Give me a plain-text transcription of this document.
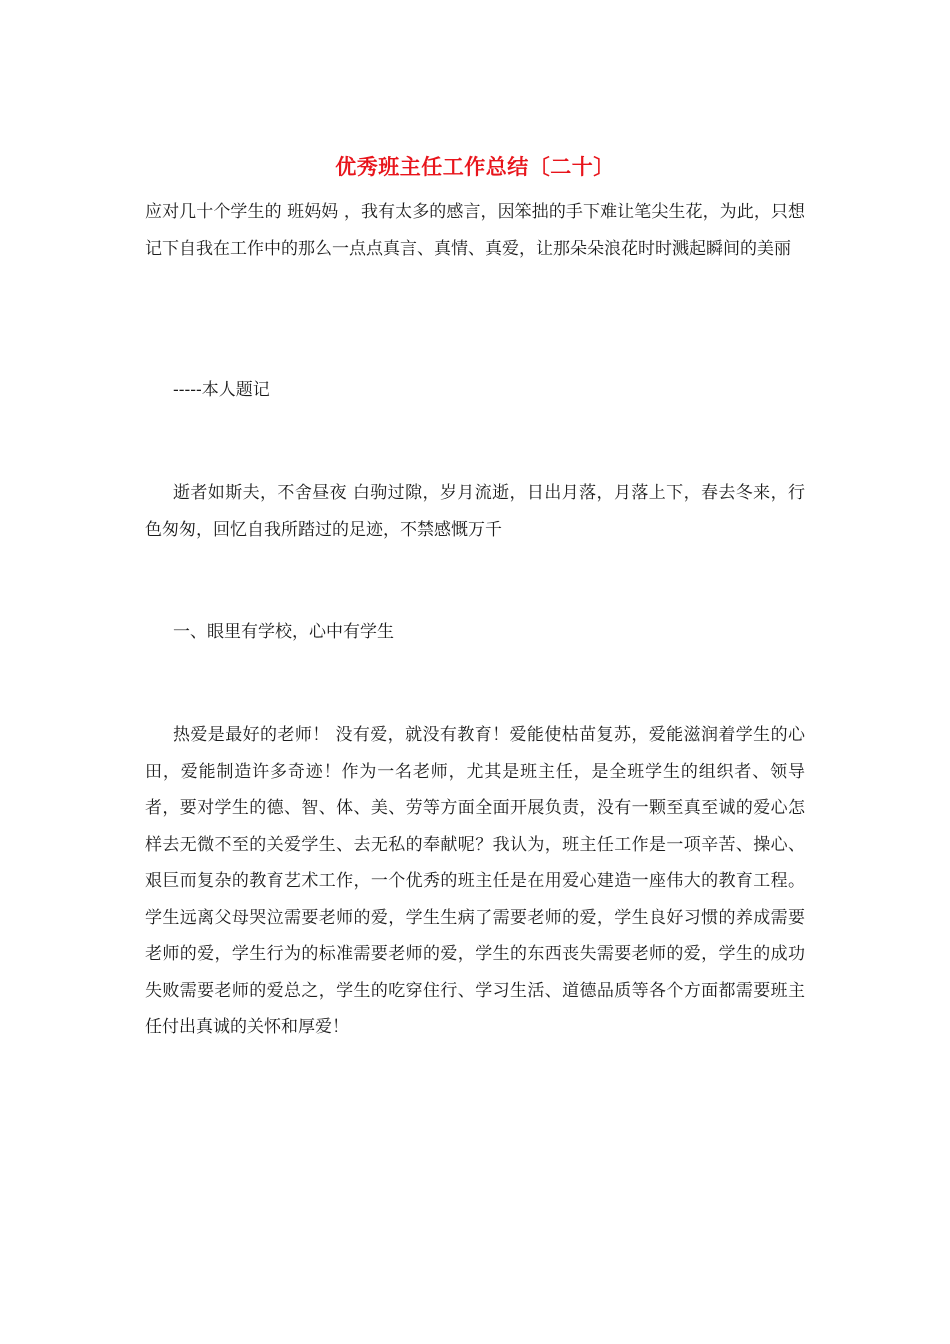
优秀班主任工作总结〔二十〕

应对几十个学生的 班妈妈 ，我有太多的感言，因笨拙的手下难让笔尖生花，为此，只想记下自我在工作中的那么一点点真言、真情、真爱，让那朵朵浪花时时溅起瞬间的美丽

-----本人题记

逝者如斯夫，不舍昼夜 白驹过隙，岁月流逝，日出月落，月落上下，春去冬来，行色匆匆，回忆自我所踏过的足迹，不禁感慨万千

一、眼里有学校，心中有学生

热爱是最好的老师！ 没有爱，就没有教育！爱能使枯苗复苏，爱能滋润着学生的心田，爱能制造许多奇迹！作为一名老师，尤其是班主任，是全班学生的组织者、领导者，要对学生的德、智、体、美、劳等方面全面开展负责，没有一颗至真至诚的爱心怎样去无微不至的关爱学生、去无私的奉献呢？我认为，班主任工作是一项辛苦、操心、艰巨而复杂的教育艺术工作，一个优秀的班主任是在用爱心建造一座伟大的教育工程。学生远离父母哭泣需要老师的爱，学生生病了需要老师的爱，学生良好习惯的养成需要老师的爱，学生行为的标准需要老师的爱，学生的东西丧失需要老师的爱，学生的成功失败需要老师的爱总之，学生的吃穿住行、学习生活、道德品质等各个方面都需要班主任付出真诚的关怀和厚爱！
